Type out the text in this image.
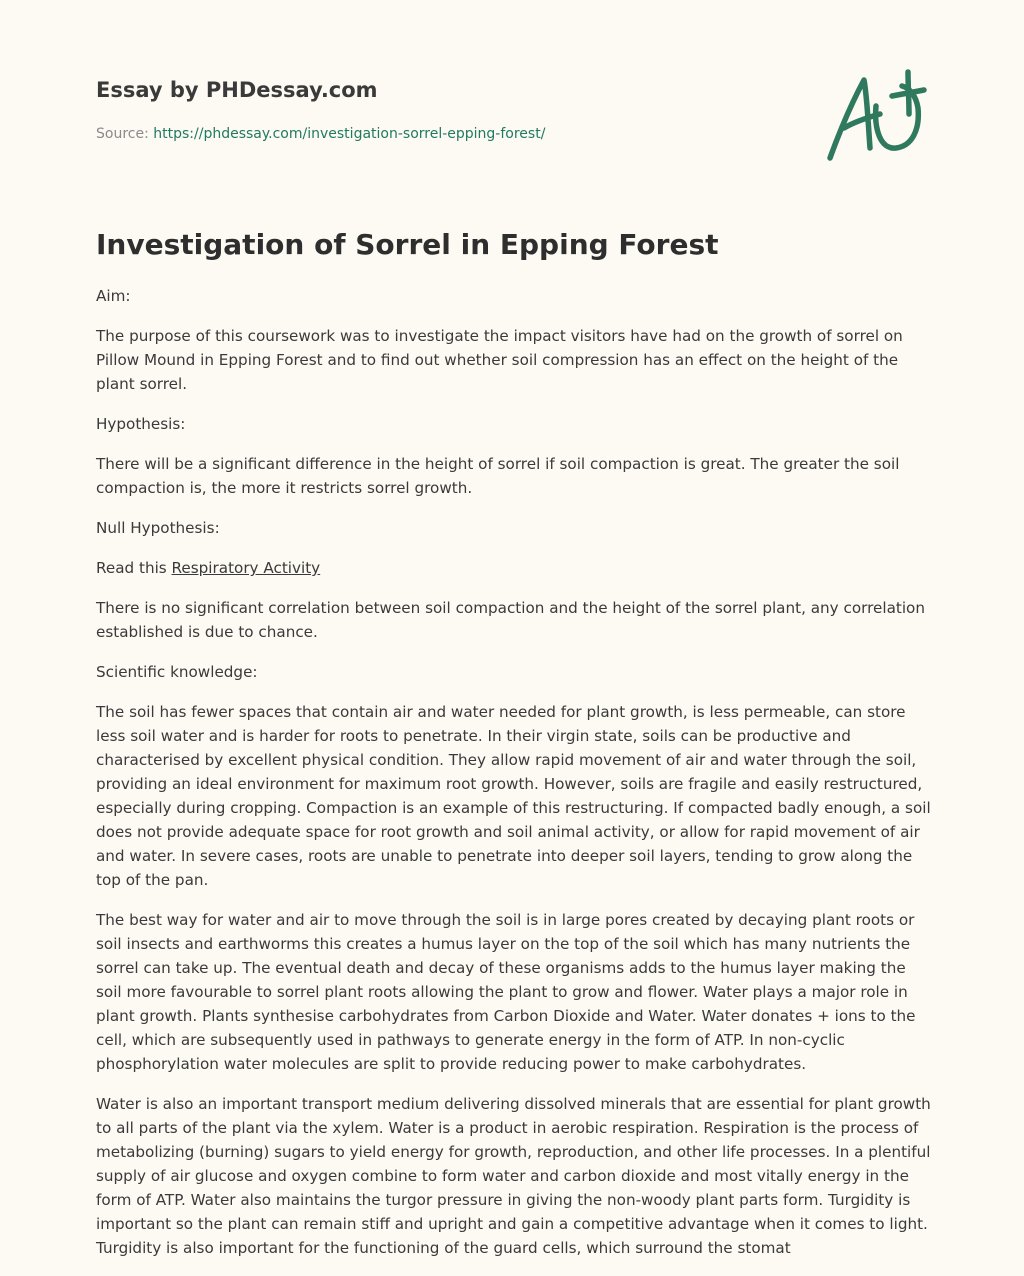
Essay by PHDessay.com

Source: https://phdessay.com/investigation-sorrel-epping-forest/
Investigation of Sorrel in Epping Forest

Aim:

The purpose of this coursework was to investigate the impact visitors have had on the growth of sorrel on Pillow Mound in Epping Forest and to find out whether soil compression has an effect on the height of the plant sorrel.

Hypothesis:

There will be a significant difference in the height of sorrel if soil compaction is great. The greater the soil compaction is, the more it restricts sorrel growth.

Null Hypothesis:

Read this Respiratory Activity

There is no significant correlation between soil compaction and the height of the sorrel plant, any correlation established is due to chance.

Scientific knowledge:

The soil has fewer spaces that contain air and water needed for plant growth, is less permeable, can store less soil water and is harder for roots to penetrate. In their virgin state, soils can be productive and characterised by excellent physical condition. They allow rapid movement of air and water through the soil, providing an ideal environment for maximum root growth. However, soils are fragile and easily restructured, especially during cropping. Compaction is an example of this restructuring. If compacted badly enough, a soil does not provide adequate space for root growth and soil animal activity, or allow for rapid movement of air and water. In severe cases, roots are unable to penetrate into deeper soil layers, tending to grow along the top of the pan.

The best way for water and air to move through the soil is in large pores created by decaying plant roots or soil insects and earthworms this creates a humus layer on the top of the soil which has many nutrients the sorrel can take up. The eventual death and decay of these organisms adds to the humus layer making the soil more favourable to sorrel plant roots allowing the plant to grow and flower. Water plays a major role in plant growth. Plants synthesise carbohydrates from Carbon Dioxide and Water. Water donates + ions to the cell, which are subsequently used in pathways to generate energy in the form of ATP. In non-cyclic phosphorylation water molecules are split to provide reducing power to make carbohydrates.

Water is also an important transport medium delivering dissolved minerals that are essential for plant growth to all parts of the plant via the xylem. Water is a product in aerobic respiration. Respiration is the process of metabolizing (burning) sugars to yield energy for growth, reproduction, and other life processes. In a plentiful supply of air glucose and oxygen combine to form water and carbon dioxide and most vitally energy in the form of ATP. Water also maintains the turgor pressure in giving the non-woody plant parts form. Turgidity is important so the plant can remain stiff and upright and gain a competitive advantage when it comes to light. Turgidity is also important for the functioning of the guard cells, which surround the stomat
